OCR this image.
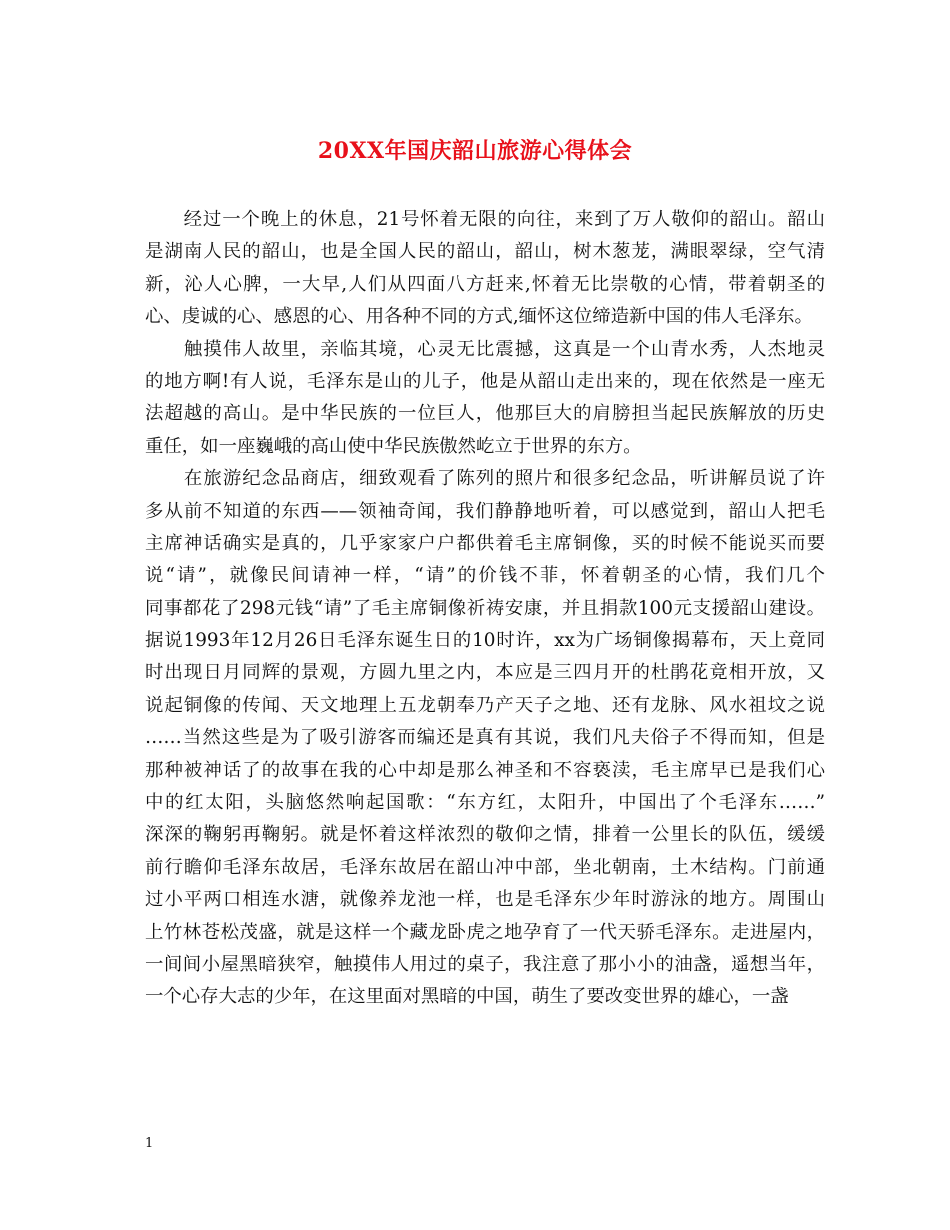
20XX年国庆韶山旅游心得体会
　　经过一个晚上的休息，21号怀着无限的向往，来到了万人敬仰的韶山。韶山
是湖南人民的韶山，也是全国人民的韶山，韶山，树木葱茏，满眼翠绿，空气清
新，沁人心脾，一大早,人们从四面八方赶来,怀着无比崇敬的心情，带着朝圣的
心、虔诚的心、感恩的心、用各种不同的方式,缅怀这位缔造新中国的伟人毛泽东。
　　触摸伟人故里，亲临其境，心灵无比震撼，这真是一个山青水秀，人杰地灵
的地方啊!有人说，毛泽东是山的儿子，他是从韶山走出来的，现在依然是一座无
法超越的高山。是中华民族的一位巨人，他那巨大的肩膀担当起民族解放的历史
重任，如一座巍峨的高山使中华民族傲然屹立于世界的东方。
　　在旅游纪念品商店，细致观看了陈列的照片和很多纪念品，听讲解员说了许
多从前不知道的东西——领袖奇闻，我们静静地听着，可以感觉到，韶山人把毛
主席神话确实是真的，几乎家家户户都供着毛主席铜像，买的时候不能说买而要
说“请”，就像民间请神一样，“请”的价钱不菲，怀着朝圣的心情，我们几个
同事都花了298元钱“请”了毛主席铜像祈祷安康，并且捐款100元支援韶山建设。
据说1993年12月26日毛泽东诞生日的10时许，xx为广场铜像揭幕布，天上竟同
时出现日月同辉的景观，方圆九里之内，本应是三四月开的杜鹃花竟相开放，又
说起铜像的传闻、天文地理上五龙朝奉乃产天子之地、还有龙脉、风水祖坟之说
……当然这些是为了吸引游客而编还是真有其说，我们凡夫俗子不得而知，但是
那种被神话了的故事在我的心中却是那么神圣和不容亵渎，毛主席早已是我们心
中的红太阳，头脑悠然响起国歌：“东方红，太阳升，中国出了个毛泽东……”
深深的鞠躬再鞠躬。就是怀着这样浓烈的敬仰之情，排着一公里长的队伍，缓缓
前行瞻仰毛泽东故居，毛泽东故居在韶山冲中部，坐北朝南，土木结构。门前通
过小平两口相连水溏，就像养龙池一样，也是毛泽东少年时游泳的地方。周围山
上竹林苍松茂盛，就是这样一个藏龙卧虎之地孕育了一代天骄毛泽东。走进屋内，
一间间小屋黑暗狭窄，触摸伟人用过的桌子，我注意了那小小的油盏，遥想当年，
一个心存大志的少年，在这里面对黑暗的中国，萌生了要改变世界的雄心，一盏
1
